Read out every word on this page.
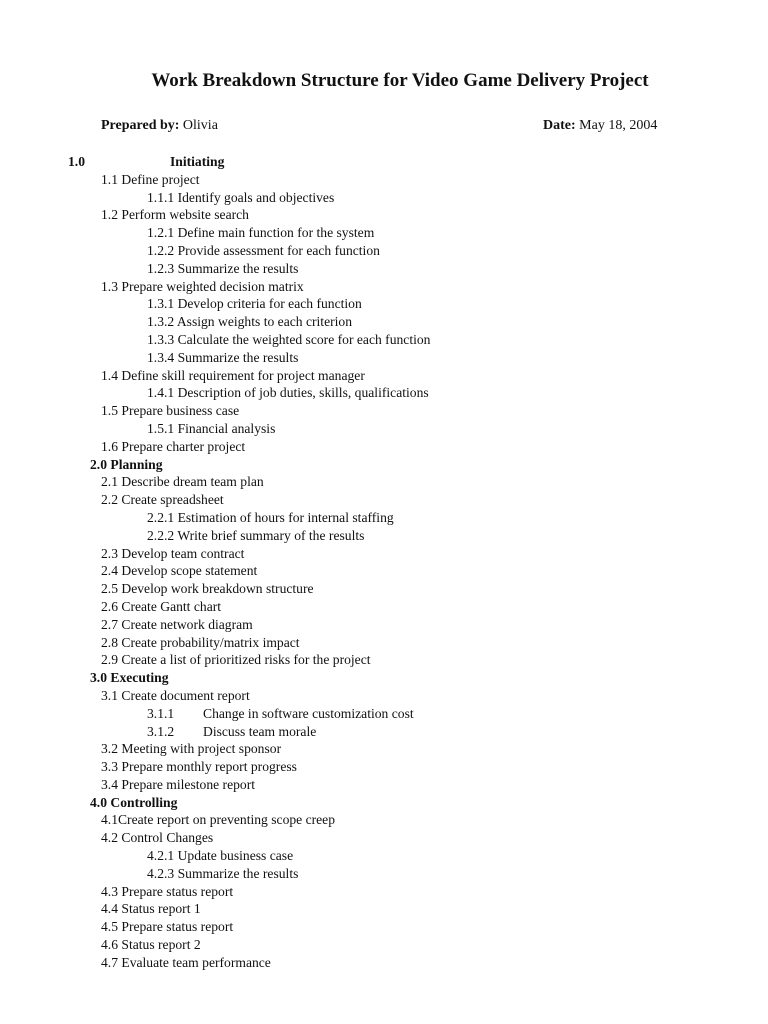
Work Breakdown Structure for Video Game Delivery Project
Prepared by: Olivia	Date: May 18, 2004
1.0	Initiating
1.1 Define project
1.1.1 Identify goals and objectives
1.2 Perform website search
1.2.1 Define main function for the system
1.2.2 Provide assessment for each function
1.2.3 Summarize the results
1.3 Prepare weighted decision matrix
1.3.1 Develop criteria for each function
1.3.2 Assign weights to each criterion
1.3.3 Calculate the weighted score for each function
1.3.4 Summarize the results
1.4 Define skill requirement for project manager
1.4.1 Description of job duties, skills, qualifications
1.5 Prepare business case
1.5.1 Financial analysis
1.6 Prepare charter project
2.0 Planning
2.1 Describe dream team plan
2.2 Create spreadsheet
2.2.1 Estimation of hours for internal staffing
2.2.2 Write brief summary of the results
2.3 Develop team contract
2.4 Develop scope statement
2.5 Develop work breakdown structure
2.6 Create Gantt chart
2.7 Create network diagram
2.8 Create probability/matrix impact
2.9 Create a list of prioritized risks for the project
3.0 Executing
3.1 Create document report
3.1.1 Change in software customization cost
3.1.2 Discuss team morale
3.2 Meeting with project sponsor
3.3 Prepare monthly report progress
3.4 Prepare milestone report
4.0 Controlling
4.1Create report on preventing scope creep
4.2 Control Changes
4.2.1 Update business case
4.2.3 Summarize the results
4.3 Prepare status report
4.4 Status report 1
4.5 Prepare status report
4.6 Status report 2
4.7 Evaluate team performance
